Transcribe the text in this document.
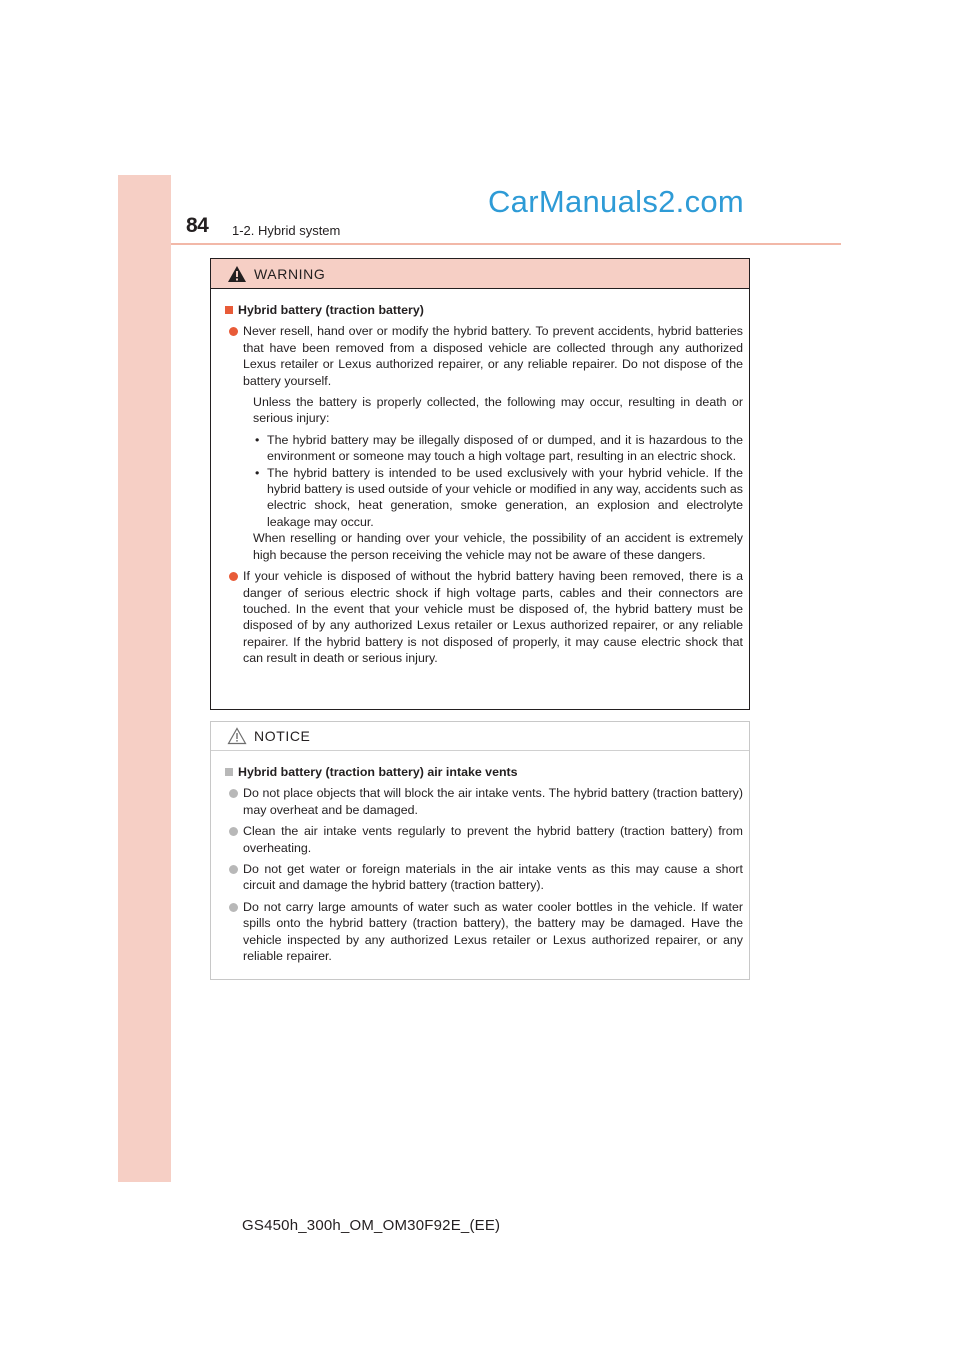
84 1-2. Hybrid system
CarManuals2.com
WARNING
Hybrid battery (traction battery)
Never resell, hand over or modify the hybrid battery. To prevent accidents, hybrid batteries that have been removed from a disposed vehicle are collected through any authorized Lexus retailer or Lexus authorized repairer, or any reliable repairer. Do not dispose of the battery yourself.
Unless the battery is properly collected, the following may occur, resulting in death or serious injury:
• The hybrid battery may be illegally disposed of or dumped, and it is hazardous to the environment or someone may touch a high voltage part, resulting in an electric shock.
• The hybrid battery is intended to be used exclusively with your hybrid vehicle. If the hybrid battery is used outside of your vehicle or modified in any way, accidents such as electric shock, heat generation, smoke generation, an explosion and electrolyte leakage may occur.
When reselling or handing over your vehicle, the possibility of an accident is extremely high because the person receiving the vehicle may not be aware of these dangers.
If your vehicle is disposed of without the hybrid battery having been removed, there is a danger of serious electric shock if high voltage parts, cables and their connectors are touched. In the event that your vehicle must be disposed of, the hybrid battery must be disposed of by any authorized Lexus retailer or Lexus authorized repairer, or any reliable repairer. If the hybrid battery is not disposed of properly, it may cause electric shock that can result in death or serious injury.
NOTICE
Hybrid battery (traction battery) air intake vents
Do not place objects that will block the air intake vents. The hybrid battery (traction battery) may overheat and be damaged.
Clean the air intake vents regularly to prevent the hybrid battery (traction battery) from overheating.
Do not get water or foreign materials in the air intake vents as this may cause a short circuit and damage the hybrid battery (traction battery).
Do not carry large amounts of water such as water cooler bottles in the vehicle. If water spills onto the hybrid battery (traction battery), the battery may be damaged. Have the vehicle inspected by any authorized Lexus retailer or Lexus authorized repairer, or any reliable repairer.
GS450h_300h_OM_OM30F92E_(EE)
